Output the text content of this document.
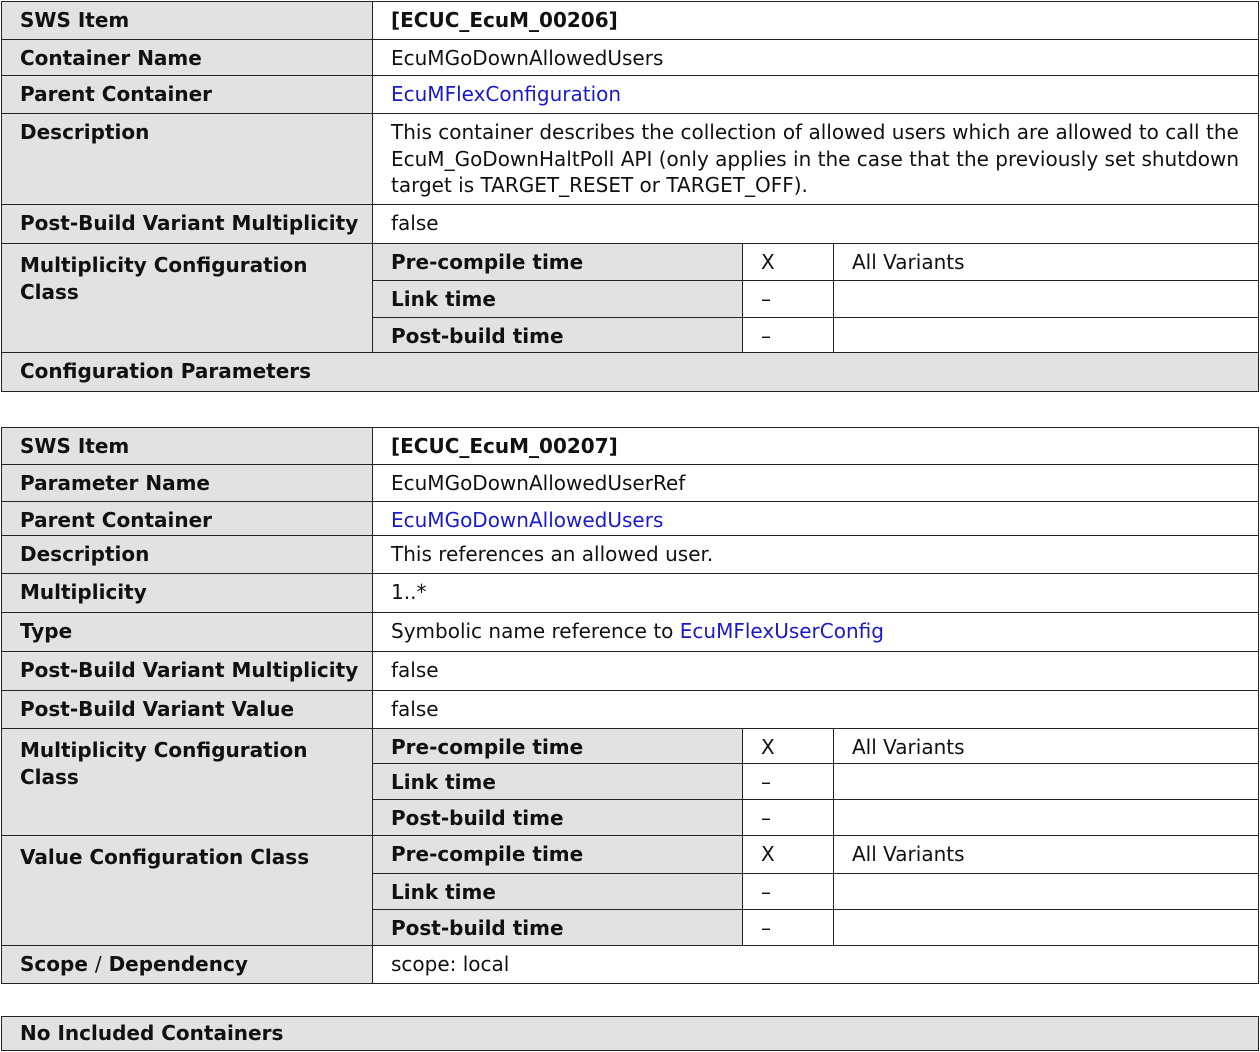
SWS Item	[ECUC_EcuM_00206]		
Container Name	EcuMGoDownAllowedUsers		
Parent Container	EcuMFlexConfiguration		
Description	This container describes the collection of allowed users which are allowed to call the EcuM_GoDownHaltPoll API (only applies in the case that the previously set shutdown target is TARGET_RESET or TARGET_OFF).		
Post-Build Variant Multiplicity	false		
Multiplicity Configuration Class	Pre-compile time	X	All Variants
	Link time	–	
	Post-build time	–	
Configuration Parameters			
SWS Item	[ECUC_EcuM_00207]		
Parameter Name	EcuMGoDownAllowedUserRef		
Parent Container	EcuMGoDownAllowedUsers		
Description	This references an allowed user.		
Multiplicity	1..*		
Type	Symbolic name reference to EcuMFlexUserConfig		
Post-Build Variant Multiplicity	false		
Post-Build Variant Value	false		
Multiplicity Configuration Class	Pre-compile time	X	All Variants
	Link time	–	
	Post-build time	–	
Value Configuration Class	Pre-compile time	X	All Variants
	Link time	–	
	Post-build time	–	
Scope / Dependency	scope: local		
No Included Containers
